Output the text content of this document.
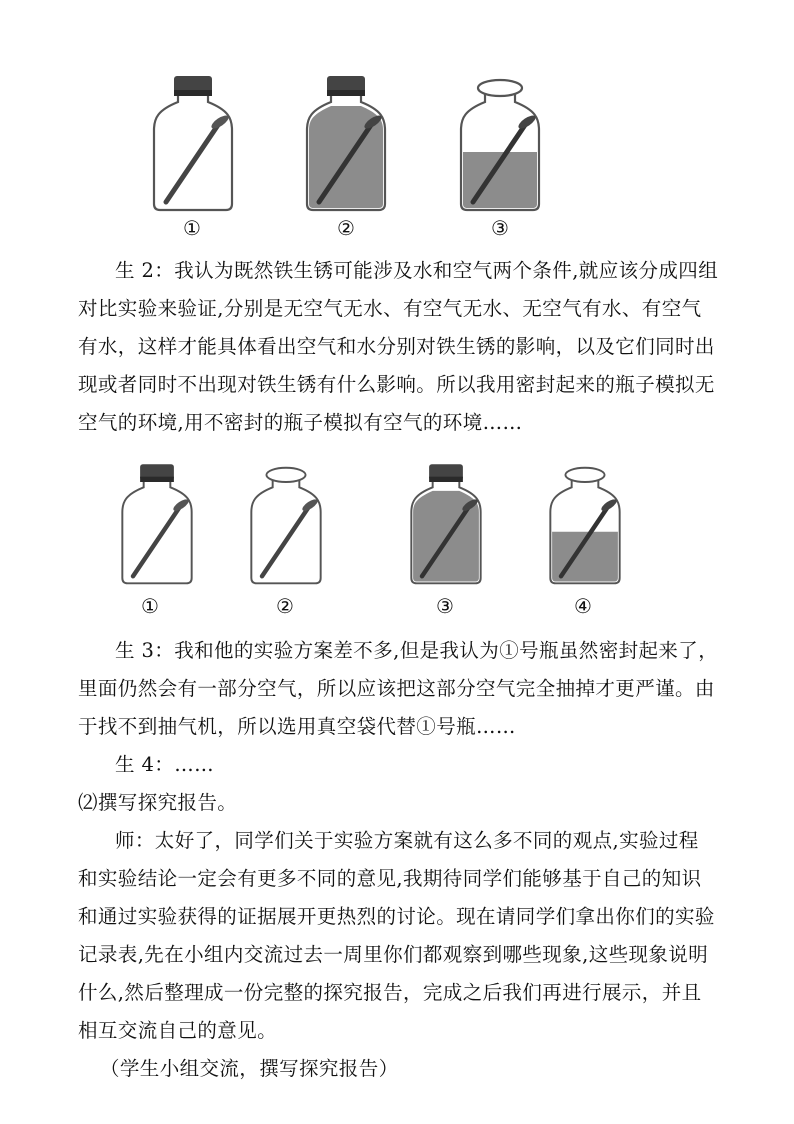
①	②	③

生 2：我认为既然铁生锈可能涉及水和空气两个条件,就应该分成四组

对比实验来验证,分别是无空气无水、有空气无水、无空气有水、有空气

有水，这样才能具体看出空气和水分别对铁生锈的影响，以及它们同时出

现或者同时不出现对铁生锈有什么影响。所以我用密封起来的瓶子模拟无

空气的环境,用不密封的瓶子模拟有空气的环境……

①	②	③	④

生 3：我和他的实验方案差不多,但是我认为①号瓶虽然密封起来了，

里面仍然会有一部分空气，所以应该把这部分空气完全抽掉才更严谨。由

于找不到抽气机，所以选用真空袋代替①号瓶……

生 4：……

⑵撰写探究报告。

师：太好了，同学们关于实验方案就有这么多不同的观点,实验过程

和实验结论一定会有更多不同的意见,我期待同学们能够基于自己的知识

和通过实验获得的证据展开更热烈的讨论。现在请同学们拿出你们的实验

记录表,先在小组内交流过去一周里你们都观察到哪些现象,这些现象说明

什么,然后整理成一份完整的探究报告，完成之后我们再进行展示，并且

相互交流自己的意见。

（学生小组交流，撰写探究报告）
